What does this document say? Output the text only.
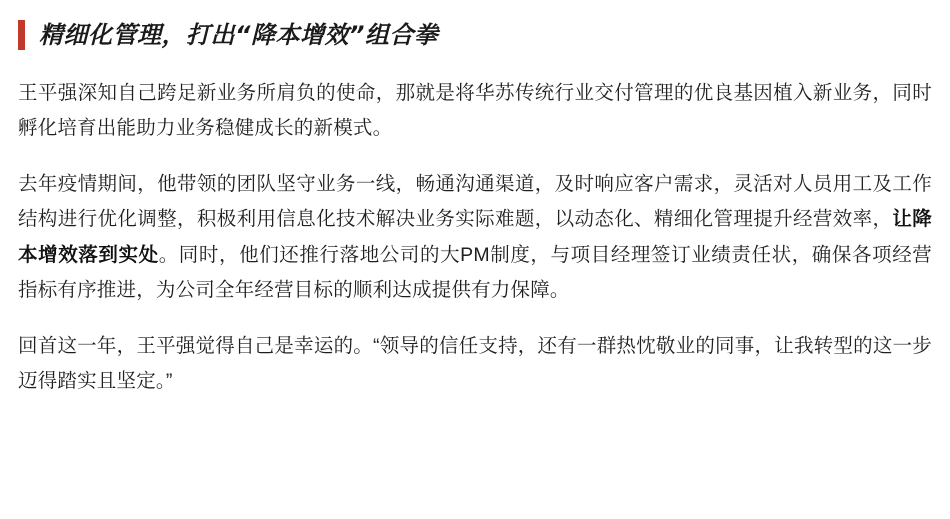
精细化管理，打出“降本增效”组合拳

王平强深知自己跨足新业务所肩负的使命，那就是将华苏传统行业交付管理的优良基因植入新业务，同时孵化培育出能助力业务稳健成长的新模式。

去年疫情期间，他带领的团队坚守业务一线，畅通沟通渠道，及时响应客户需求，灵活对人员用工及工作结构进行优化调整，积极利用信息化技术解决业务实际难题，以动态化、精细化管理提升经营效率，让降本增效落到实处。同时，他们还推行落地公司的大PM制度，与项目经理签订业绩责任状，确保各项经营指标有序推进，为公司全年经营目标的顺利达成提供有力保障。

回首这一年，王平强觉得自己是幸运的。“领导的信任支持，还有一群热忱敬业的同事，让我转型的这一步迈得踏实且坚定。”
